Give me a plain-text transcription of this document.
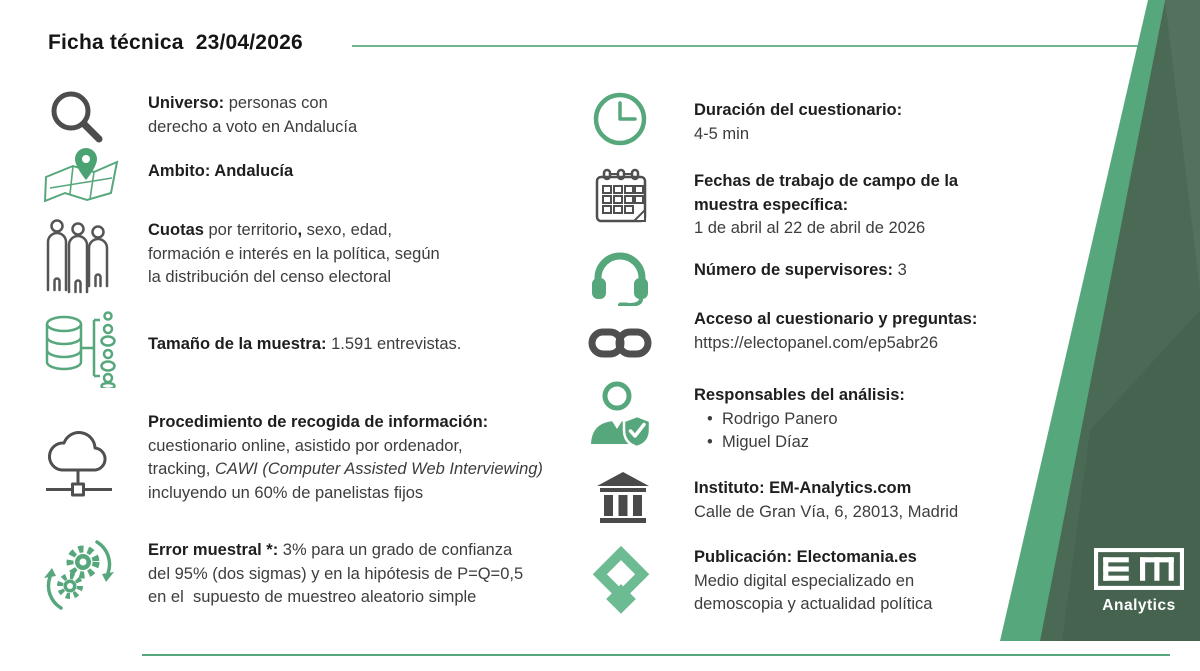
Ficha técnica  23/04/2026
Universo: personas con
derecho a voto en Andalucía
Ambito: Andalucía
Cuotas por territorio, sexo, edad,
formación e interés en la política, según
la distribución del censo electoral
Tamaño de la muestra: 1.591 entrevistas.
Procedimiento de recogida de información:
cuestionario online, asistido por ordenador,
tracking, CAWI (Computer Assisted Web Interviewing)
incluyendo un 60% de panelistas fijos
Error muestral *: 3% para un grado de confianza
del 95% (dos sigmas) y en la hipótesis de P=Q=0,5
en el  supuesto de muestreo aleatorio simple
Duración del cuestionario:
4-5 min
Fechas de trabajo de campo de la
muestra específica:
1 de abril al 22 de abril de 2026
Número de supervisores: 3
Acceso al cuestionario y preguntas:
https://electopanel.com/ep5abr26
Responsables del análisis:
•  Rodrigo Panero
•  Miguel Díaz
Instituto: EM-Analytics.com
Calle de Gran Vía, 6, 28013, Madrid
Publicación: Electomania.es
Medio digital especializado en
demoscopia y actualidad política	Analytics
